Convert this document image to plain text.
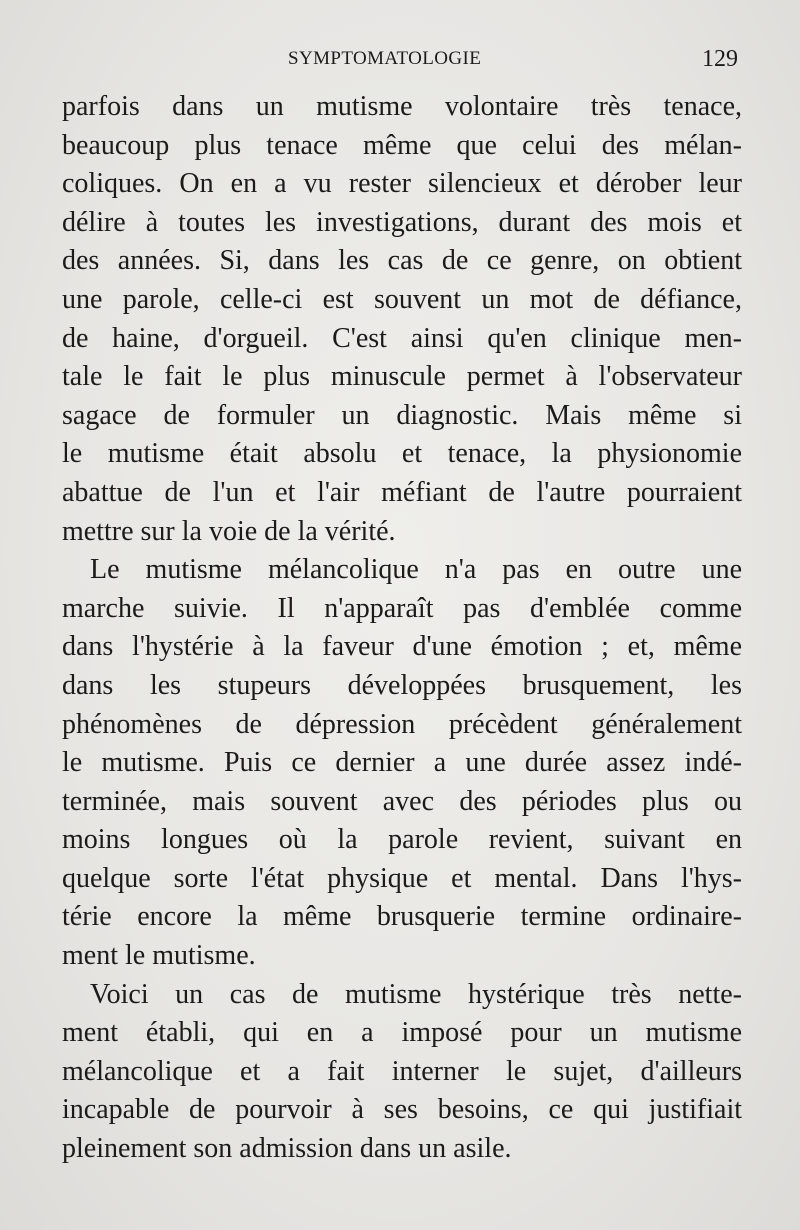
SYMPTOMATOLOGIE	129
parfois dans un mutisme volontaire très tenace,
beaucoup plus tenace même que celui des mélan-
coliques. On en a vu rester silencieux et dérober leur
délire à toutes les investigations, durant des mois et
des années. Si, dans les cas de ce genre, on obtient
une parole, celle-ci est souvent un mot de défiance,
de haine, d'orgueil. C'est ainsi qu'en clinique men-
tale le fait le plus minuscule permet à l'observateur
sagace de formuler un diagnostic. Mais même si
le mutisme était absolu et tenace, la physionomie
abattue de l'un et l'air méfiant de l'autre pourraient
mettre sur la voie de la vérité.
Le mutisme mélancolique n'a pas en outre une
marche suivie. Il n'apparaît pas d'emblée comme
dans l'hystérie à la faveur d'une émotion ; et, même
dans les stupeurs développées brusquement, les
phénomènes de dépression précèdent généralement
le mutisme. Puis ce dernier a une durée assez indé-
terminée, mais souvent avec des périodes plus ou
moins longues où la parole revient, suivant en
quelque sorte l'état physique et mental. Dans l'hys-
térie encore la même brusquerie termine ordinaire-
ment le mutisme.
Voici un cas de mutisme hystérique très nette-
ment établi, qui en a imposé pour un mutisme
mélancolique et a fait interner le sujet, d'ailleurs
incapable de pourvoir à ses besoins, ce qui justifiait
pleinement son admission dans un asile.
